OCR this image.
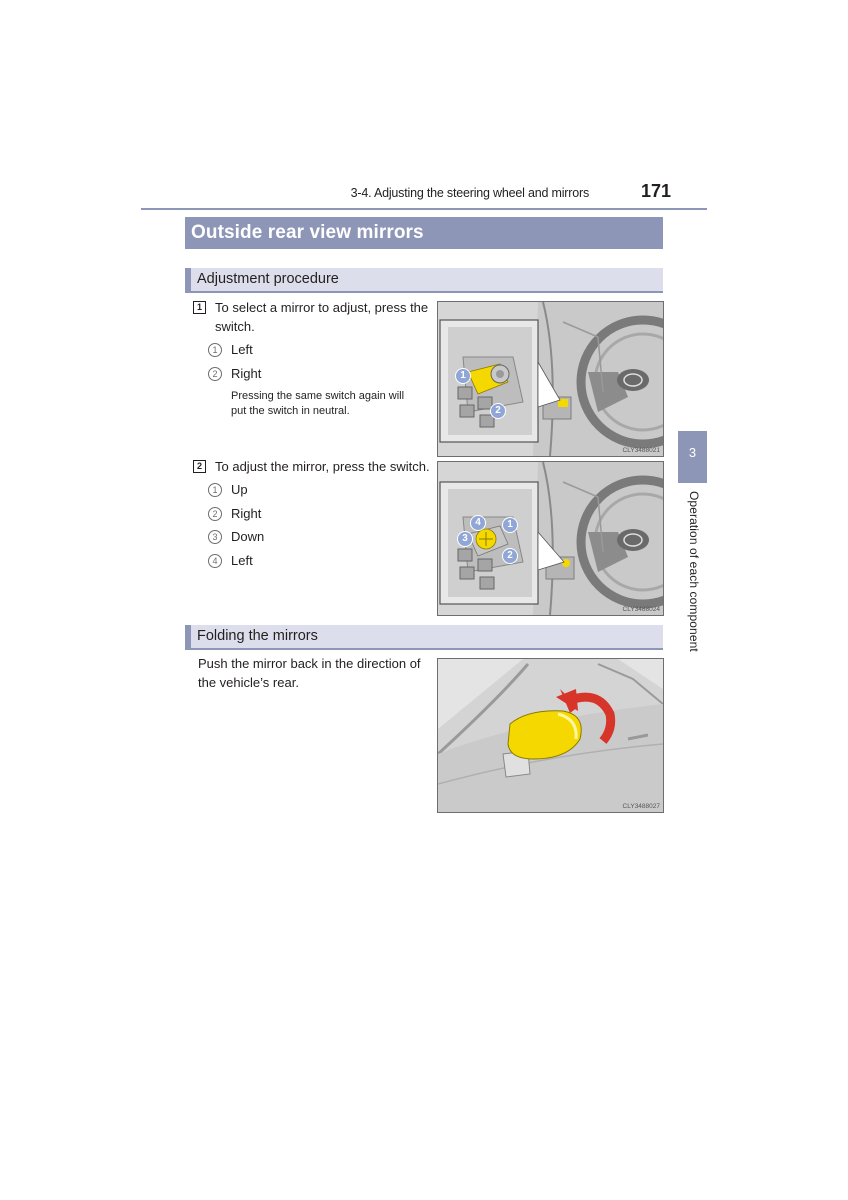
3-4. Adjusting the steering wheel and mirrors	171
3
Operation of each component
Outside rear view mirrors
Adjustment procedure
1	To select a mirror to adjust, press the
switch.
1	Left
2	Right
Pressing the same switch again will
put the switch in neutral.
1
2
CLY3488021
2	To adjust the mirror, press the switch.
1	Up
2	Right
3	Down
4	Left
4	1
3
2
CLY3488024
Folding the mirrors
Push the mirror back in the direction of
the vehicle’s rear.
CLY3488027
